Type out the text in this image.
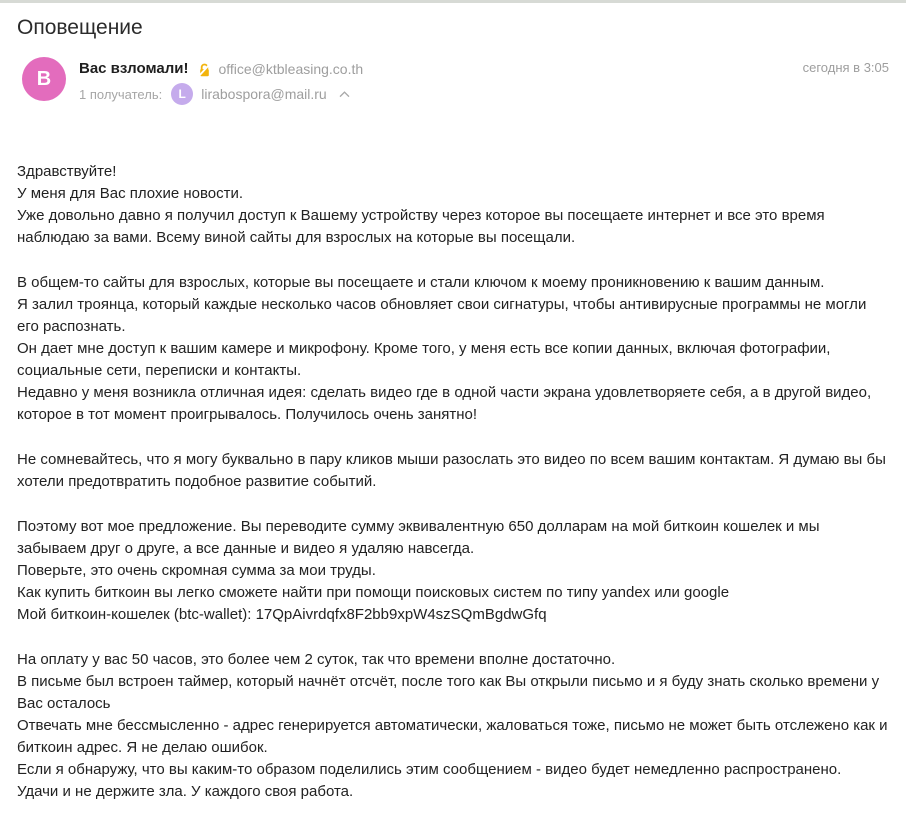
Оповещение
B	Вас взломали! office@ktbleasing.co.th
1 получатель:	L	lirabospora@mail.ru
сегодня в 3:05
Здравствуйте!
У меня для Вас плохие новости.
Уже довольно давно я получил доступ к Вашему устройству через которое вы посещаете интернет и все это время наблюдаю за вами. Всему виной сайты для взрослых на которые вы посещали.
В общем-то сайты для взрослых, которые вы посещаете и стали ключом к моему проникновению к вашим данным.
Я залил троянца, который каждые несколько часов обновляет свои сигнатуры, чтобы антивирусные программы не могли его распознать.
Он дает мне доступ к вашим камере и микрофону. Кроме того, у меня есть все копии данных, включая фотографии, социальные сети, переписки и контакты.
Недавно у меня возникла отличная идея: сделать видео где в одной части экрана удовлетворяете себя, а в другой видео, которое в тот момент проигрывалось. Получилось очень занятно!
Не сомневайтесь, что я могу буквально в пару кликов мыши разослать это видео по всем вашим контактам. Я думаю вы бы хотели предотвратить подобное развитие событий.
Поэтому вот мое предложение. Вы переводите сумму эквивалентную 650 долларам на мой биткоин кошелек и мы забываем друг о друге, а все данные и видео я удаляю навсегда.
Поверьте, это очень скромная сумма за мои труды.
Как купить биткоин вы легко сможете найти при помощи поисковых систем по типу yandex или google
Мой биткоин-кошелек (btc-wallet): 17QpAivrdqfx8F2bb9xpW4szSQmBgdwGfq
На оплату у вас 50 часов, это более чем 2 суток, так что времени вполне достаточно.
В письме был встроен таймер, который начнёт отсчёт, после того как Вы открыли письмо и я буду знать сколько времени у Вас осталось
Отвечать мне бессмысленно - адрес генерируется автоматически, жаловаться тоже, письмо не может быть отслежено как и биткоин адрес. Я не делаю ошибок.
Если я обнаружу, что вы каким-то образом поделились этим сообщением - видео будет немедленно распространено.
Удачи и не держите зла. У каждого своя работа.
